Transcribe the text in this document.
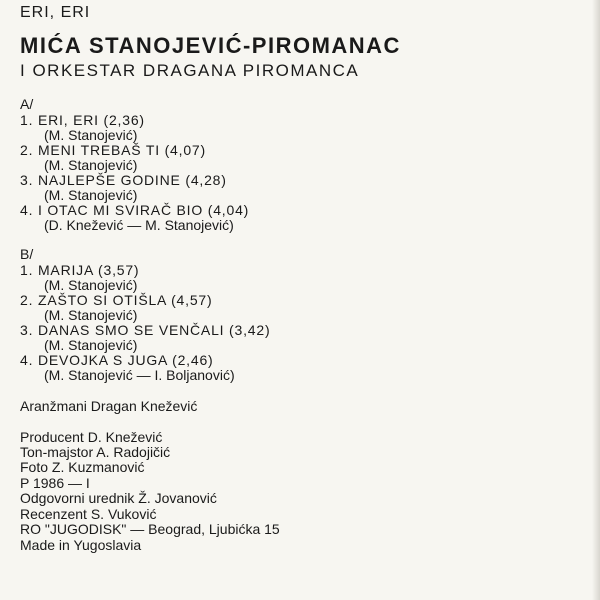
ERI, ERI
MIĆA STANOJEVIĆ-PIROMANAC
I ORKESTAR DRAGANA PIROMANCA
A/
1. ERI, ERI (2,36)
(M. Stanojević)
2. MENI TREBAŠ TI (4,07)
(M. Stanojević)
3. NAJLEPŠE GODINE (4,28)
(M. Stanojević)
4. I OTAC MI SVIRAČ BIO (4,04)
(D. Knežević — M. Stanojević)
B/
1. MARIJA (3,57)
(M. Stanojević)
2. ZAŠTO SI OTIŠLA (4,57)
(M. Stanojević)
3. DANAS SMO SE VENČALI (3,42)
(M. Stanojević)
4. DEVOJKA S JUGA (2,46)
(M. Stanojević — I. Boljanović)
Aranžmani Dragan Knežević
Producent D. Knežević
Ton-majstor A. Radojičić
Foto Z. Kuzmanović
P 1986 — I
Odgovorni urednik Ž. Jovanović
Recenzent S. Vuković
RO "JUGODISK" — Beograd, Ljubićka 15
Made in Yugoslavia
